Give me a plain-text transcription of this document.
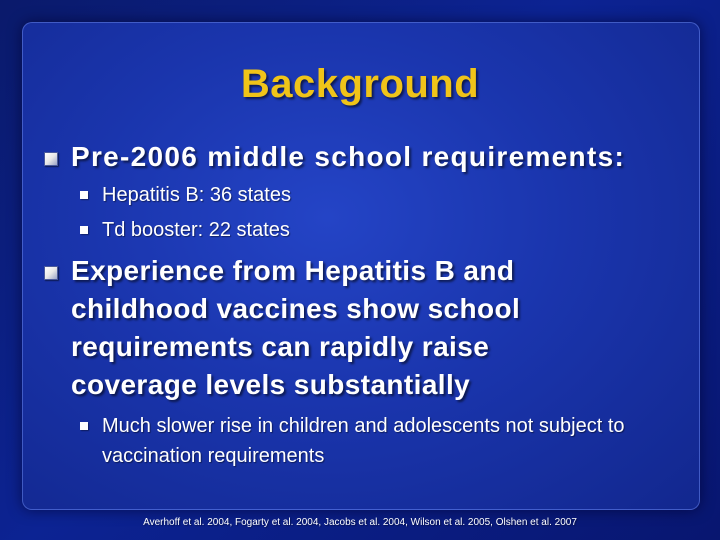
Background
Pre-2006 middle school requirements:
Hepatitis B: 36 states
Td booster: 22 states
Experience from Hepatitis B and childhood vaccines show school requirements can rapidly raise coverage levels substantially
Much slower rise in children and adolescents not subject to vaccination requirements
Averhoff et al. 2004, Fogarty et al. 2004, Jacobs et al. 2004, Wilson et al. 2005, Olshen et al. 2007
